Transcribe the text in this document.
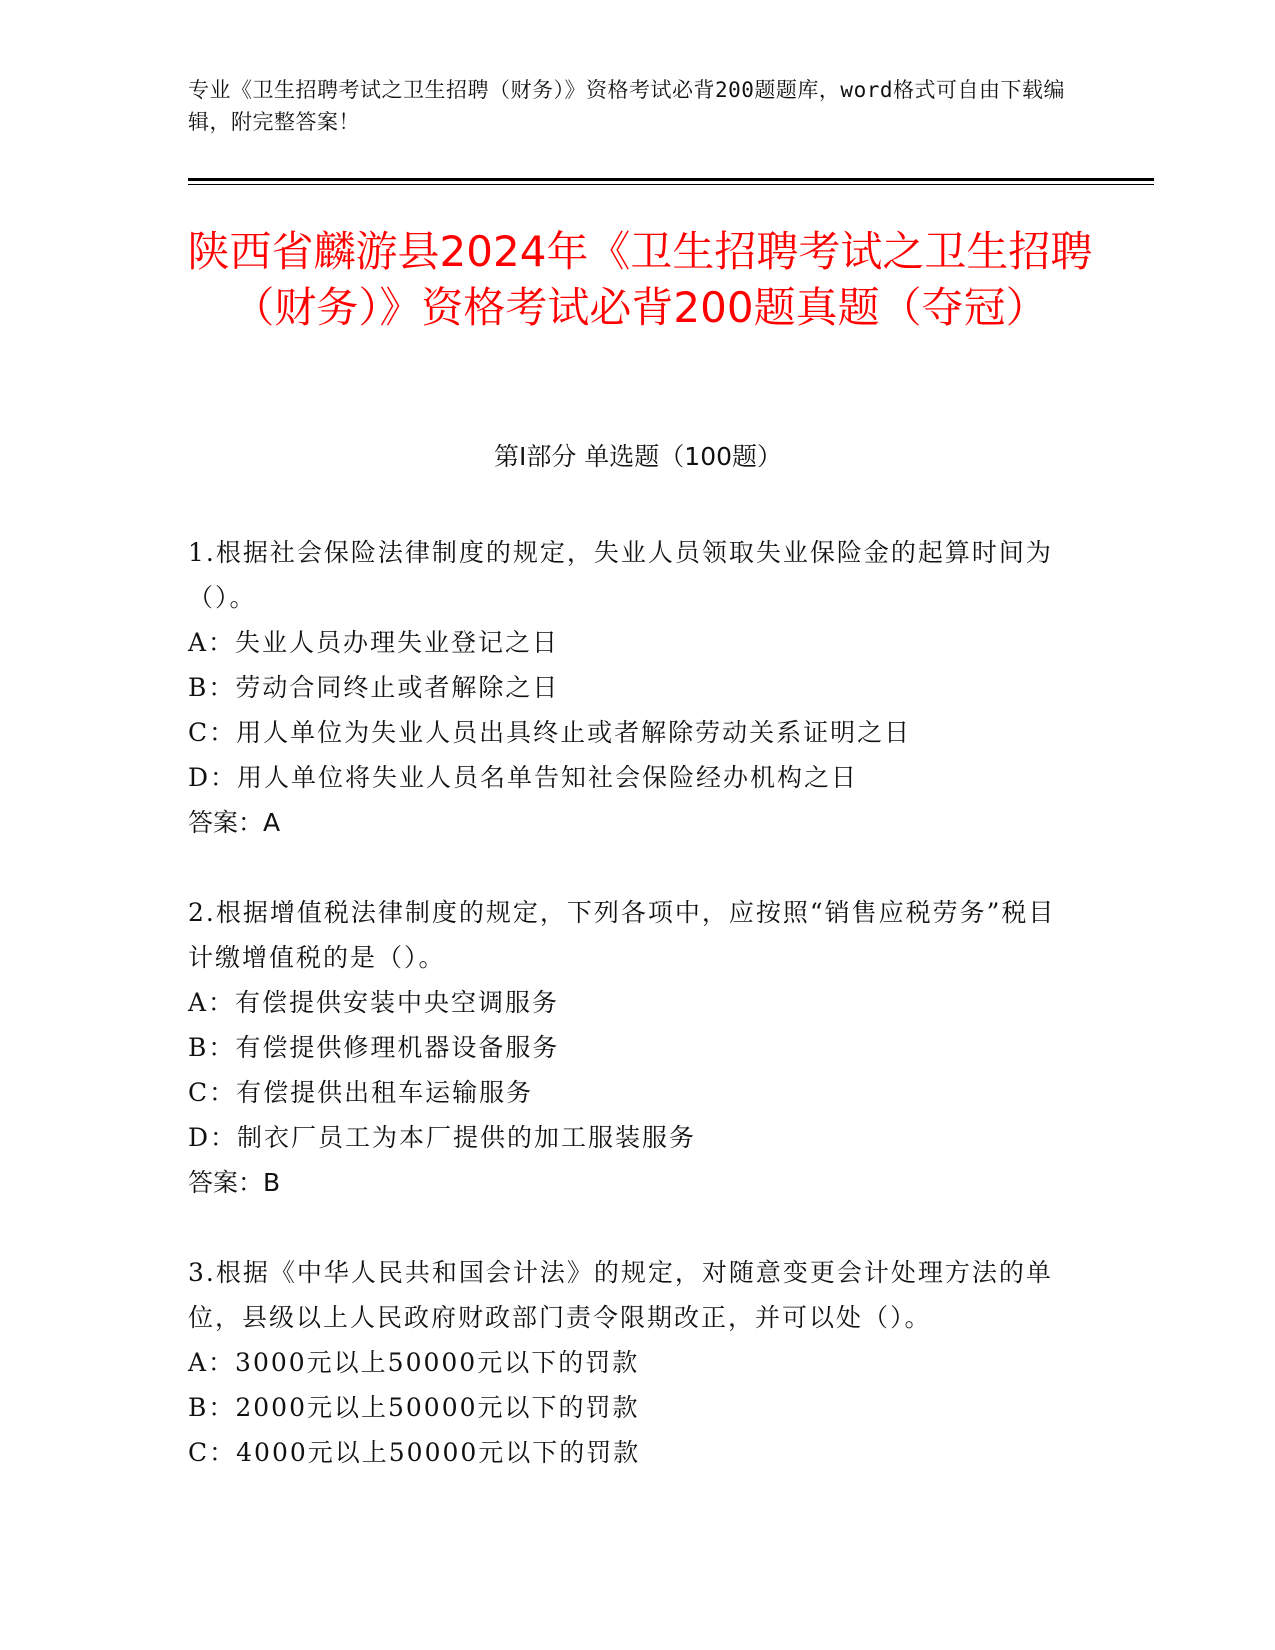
专业《卫生招聘考试之卫生招聘（财务）》资格考试必背200题题库，word格式可自由下载编辑，附完整答案！
陕西省麟游县2024年《卫生招聘考试之卫生招聘（财务）》资格考试必背200题真题（夺冠）
第I部分 单选题（100题）
1.根据社会保险法律制度的规定，失业人员领取失业保险金的起算时间为（）。
A：失业人员办理失业登记之日
B：劳动合同终止或者解除之日
C：用人单位为失业人员出具终止或者解除劳动关系证明之日
D：用人单位将失业人员名单告知社会保险经办机构之日
答案：A
2.根据增值税法律制度的规定，下列各项中，应按照“销售应税劳务”税目计缴增值税的是（）。
A：有偿提供安装中央空调服务
B：有偿提供修理机器设备服务
C：有偿提供出租车运输服务
D：制衣厂员工为本厂提供的加工服装服务
答案：B
3.根据《中华人民共和国会计法》的规定，对随意变更会计处理方法的单位，县级以上人民政府财政部门责令限期改正，并可以处（）。
A：3000元以上50000元以下的罚款
B：2000元以上50000元以下的罚款
C：4000元以上50000元以下的罚款
